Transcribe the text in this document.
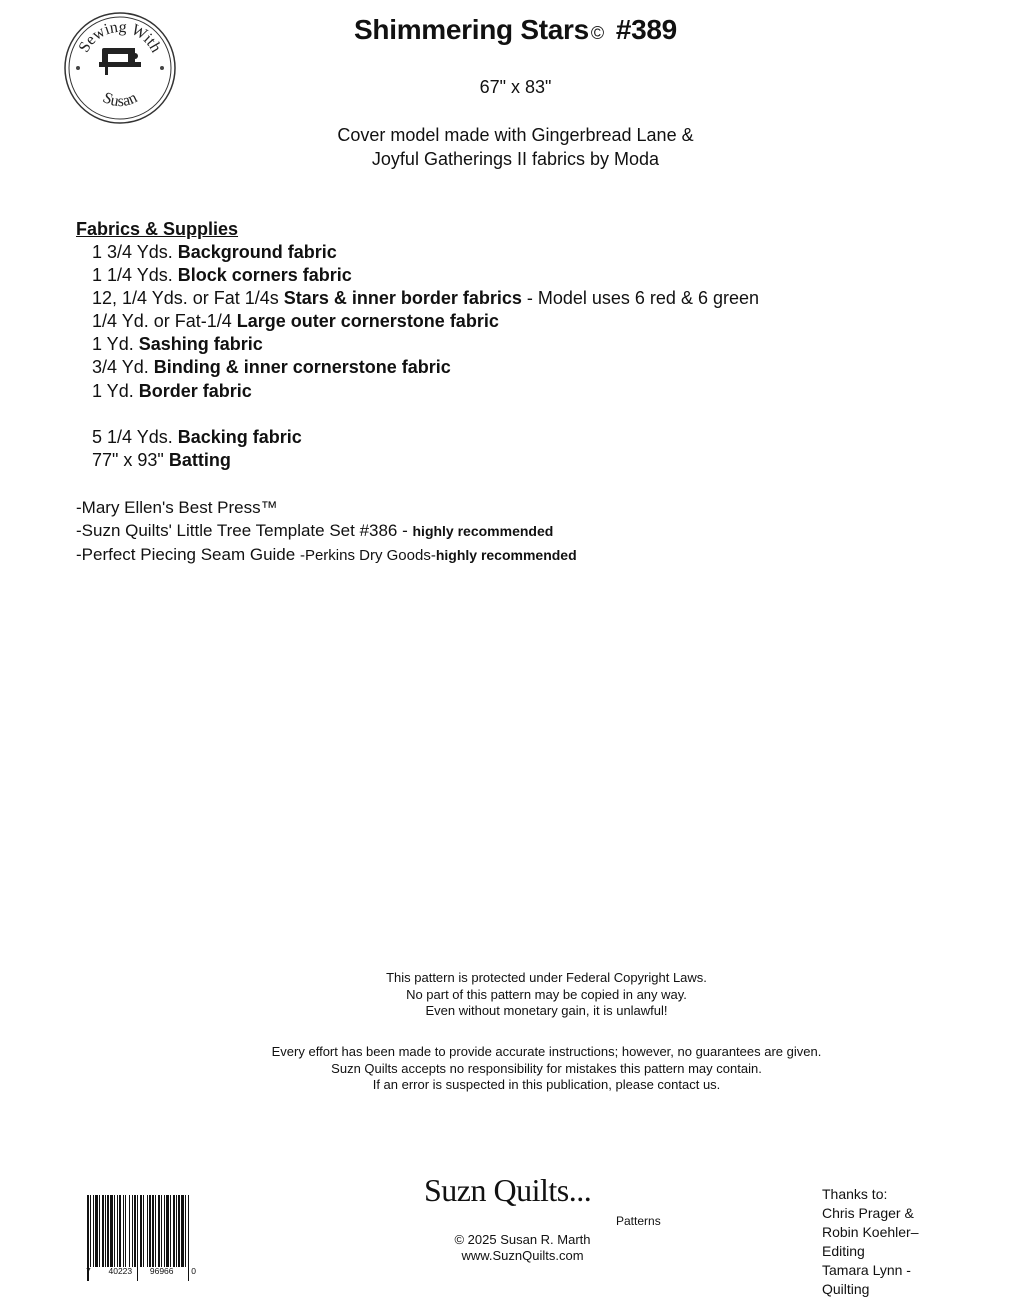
Sewing With
Susan
Shimmering Stars © #389
67" x 83"
Cover model made with Gingerbread Lane &
Joyful Gatherings II fabrics by Moda
Fabrics & Supplies
1 3/4 Yds. Background fabric
1 1/4 Yds. Block corners fabric
12, 1/4 Yds. or Fat 1/4s Stars & inner border fabrics - Model uses 6 red & 6 green
1/4 Yd. or Fat-1/4 Large outer cornerstone fabric
1 Yd. Sashing fabric
3/4 Yd. Binding & inner cornerstone fabric
1 Yd. Border fabric
5 1/4 Yds. Backing fabric
77" x 93" Batting
-Mary Ellen's Best Press™
-Suzn Quilts' Little Tree Template Set #386 - highly recommended
-Perfect Piecing Seam Guide -Perkins Dry Goods-highly recommended
This pattern is protected under Federal Copyright Laws.
No part of this pattern may be copied in any way.
Even without monetary gain, it is unlawful!
Every effort has been made to provide accurate instructions; however, no guarantees are given.
Suzn Quilts accepts no responsibility for mistakes this pattern may contain.
If an error is suspected in this publication, please contact us.
7 40223 96966 0
Suzn Quilts...
Patterns
© 2025 Susan R. Marth
www.SuznQuilts.com
Thanks to:
Chris Prager &
Robin Koehler–
Editing
Tamara Lynn -
Quilting
